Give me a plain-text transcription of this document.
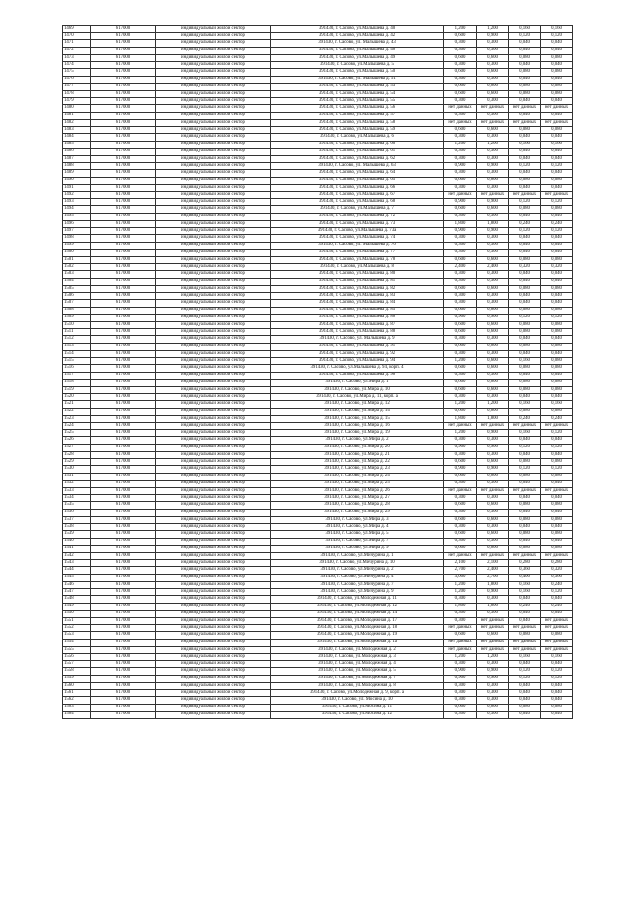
1469	617000	индивидуальный жилой сектор	391430, г. Сасово, ул.Малышева д. 40	1,200	1,200	0,160	0,160
1470	617000	индивидуальный жилой сектор	391430, г. Сасово, ул.Малышева д. 42	0,600	0,900	0,120	0,120
1471	617000	индивидуальный жилой сектор	391430, г. Сасово, ул. Малышева д. 43	0,300	0,300	0,040	0,040
1472	617000	индивидуальный жилой сектор	391430, г. Сасово, ул.Малышева д. 46	0,300	0,300	0,040	0,040
1473	617000	индивидуальный жилой сектор	391430, г. Сасово, ул.Малышева д. 49	0,600	0,600	0,080	0,080
1474	617000	индивидуальный жилой сектор	391430, г. Сасово, ул.Малышева д. 5	0,300	0,300	0,040	0,040
1475	617000	индивидуальный жилой сектор	391430, г. Сасово, ул.Малышева д. 50	0,600	0,600	0,080	0,080
1476	617000	индивидуальный жилой сектор	391430, г. Сасово, ул. Малышева д. 51	0,300	0,300	0,040	0,040
1477	617000	индивидуальный жилой сектор	391430, г. Сасово, ул.Малышева д. 53	0,600	0,600	0,080	0,080
1478	617000	индивидуальный жилой сектор	391430, г. Сасово, ул.Малышева д. 54	0,600	0,600	0,080	0,080
1479	617000	индивидуальный жилой сектор	391430, г. Сасово, ул.Малышева д. 55	0,300	0,300	0,040	0,040
1480	617000	индивидуальный жилой сектор	391430, г. Сасово, ул.Малышева д. 56	нет данных	нет данных	нет данных	нет данных
1481	617000	индивидуальный жилой сектор	391430, г. Сасово, ул.Малышева д. 57	0,300	0,300	0,040	0,040
1482	617000	индивидуальный жилой сектор	391430, г. Сасово, ул.Малышева д. 58	нет данных	нет данных	нет данных	нет данных
1483	617000	индивидуальный жилой сектор	391430, г. Сасово, ул.Малышева д. 59	0,600	0,600	0,080	0,080
1484	617000	индивидуальный жилой сектор	391430, г. Сасово, ул.Малышева д. 6	0,300	0,300	0,040	0,040
1485	617000	индивидуальный жилой сектор	391430, г. Сасово, ул.Малышева д. 60	1,200	1,200	0,160	0,160
1486	617000	индивидуальный жилой сектор	391430, г. Сасово, ул.Малышева д. 61	0,300	0,300	0,040	0,040
1487	617000	индивидуальный жилой сектор	391430, г. Сасово, ул.Малышева д. 62	0,300	0,300	0,040	0,040
1488	617000	индивидуальный жилой сектор	391430, г. Сасово, ул. Малышева д. 63	0,900	0,900	0,120	0,120
1489	617000	индивидуальный жилой сектор	391430, г. Сасово, ул.Малышева д. 64	0,300	0,300	0,040	0,040
1490	617000	индивидуальный жилой сектор	391430, г. Сасово, ул.Малышева д. 65	0,600	0,600	0,080	0,080
1491	617000	индивидуальный жилой сектор	391430, г. Сасово, ул.Малышева д. 66	0,300	0,300	0,040	0,040
1492	617000	индивидуальный жилой сектор	391430, г. Сасово, ул.Малышева д. 67	нет данных	нет данных	нет данных	нет данных
1493	617000	индивидуальный жилой сектор	391430, г. Сасово, ул.Малышева д. 68	0,900	0,900	0,120	0,120
1494	617000	индивидуальный жилой сектор	391430, г. Сасово, ул.Малышева д. 7	0,600	0,600	0,080	0,080
1495	617000	индивидуальный жилой сектор	391430, г. Сасово, ул.Малышева д. 72	0,300	0,300	0,040	0,040
1496	617000	индивидуальный жилой сектор	391430, г. Сасово, ул.Малышева д. 73	1,800	1,800	0,240	0,240
1497	617000	индивидуальный жилой сектор	391430, г. Сасово, ул.Малышева д. 73а	0,900	0,900	0,120	0,120
1498	617000	индивидуальный жилой сектор	391430, г. Сасово, ул.Малышева д. 74	0,300	0,300	0,040	0,040
1499	617000	индивидуальный жилой сектор	391430, г. Сасово, ул. Малышева д. 76	0,300	0,300	0,040	0,040
1500	617000	индивидуальный жилой сектор	391430, г. Сасово, ул.Малышева д. 77	0,300	0,300	0,040	0,040
1501	617000	индивидуальный жилой сектор	391430, г. Сасово, ул.Малышева д. 78	0,600	0,600	0,080	0,080
1502	617000	индивидуальный жилой сектор	391430, г. Сасово, ул.Малышева д. 8	2,400	2,400	0,320	0,320
1503	617000	индивидуальный жилой сектор	391430, г. Сасово, ул.Малышева д. 80	0,300	0,300	0,040	0,040
1504	617000	индивидуальный жилой сектор	391430, г. Сасово, ул.Малышева д. 81	0,300	0,300	0,040	0,040
1505	617000	индивидуальный жилой сектор	391430, г. Сасово, ул.Малышева д. 82	0,600	0,600	0,080	0,080
1506	617000	индивидуальный жилой сектор	391430, г. Сасово, ул.Малышева д. 83	0,300	0,300	0,040	0,040
1507	617000	индивидуальный жилой сектор	391430, г. Сасово, ул.Малышева д. 84	0,300	0,300	0,040	0,040
1508	617000	индивидуальный жилой сектор	391430, г. Сасово, ул.Малышева д. 85	0,600	0,600	0,080	0,080
1509	617000	индивидуальный жилой сектор	391430, г. Сасово, ул.Малышева д. 86	0,900	0,900	0,120	0,120
1510	617000	индивидуальный жилой сектор	391430, г. Сасово, ул.Малышева д. 87	0,600	0,600	0,080	0,080
1511	617000	индивидуальный жилой сектор	391430, г. Сасово, ул.Малышева д. 88	0,600	0,600	0,080	0,080
1512	617000	индивидуальный жилой сектор	391430, г. Сасово, ул. Малышева д. 9	0,300	0,300	0,040	0,040
1513	617000	индивидуальный жилой сектор	391430, г. Сасово, ул.Малышева д. 91	0,600	0,600	0,080	0,080
1514	617000	индивидуальный жилой сектор	391430, г. Сасово, ул.Малышева д. 92	0,300	0,300	0,040	0,040
1515	617000	индивидуальный жилой сектор	391430, г. Сасово, ул.Малышева д. 94	1,200	0,600	0,160	0,080
1516	617000	индивидуальный жилой сектор	391430, г. Сасово, ул.Малышева д. 94, корп. 4	0,600	0,600	0,080	0,080
1517	617000	индивидуальный жилой сектор	391430, г. Сасово, ул.Малышева д. 96	0,300	0,300	0,040	0,040
1518	617000	индивидуальный жилой сектор	391430, г. Сасово, ул.Мира д. 1	0,600	0,600	0,080	0,080
1519	617000	индивидуальный жилой сектор	391430, г. Сасово, ул.Мира д. 10	0,600	0,600	0,080	0,080
1520	617000	индивидуальный жилой сектор	391430, г. Сасово, ул.Мира д. 11, корп. а	0,300	0,300	0,040	0,040
1521	617000	индивидуальный жилой сектор	391430, г. Сасово, ул.Мира д. 12	1,200	1,200	0,160	0,160
1522	617000	индивидуальный жилой сектор	391430, г. Сасово, ул.Мира д. 14	0,600	0,600	0,080	0,080
1523	617000	индивидуальный жилой сектор	391430, г. Сасово, ул.Мира д. 15	1,800	1,800	0,240	0,240
1524	617000	индивидуальный жилой сектор	391430, г. Сасово, ул.Мира д. 16	нет данных	нет данных	нет данных	нет данных
1525	617000	индивидуальный жилой сектор	391430, г. Сасово, ул.Мира д. 19	1,200	0,900	0,160	0,120
1526	617000	индивидуальный жилой сектор	391430, г. Сасово, ул.Мира д. 2	0,300	0,300	0,040	0,040
1527	617000	индивидуальный жилой сектор	391430, г. Сасово, ул.Мира д. 20	0,900	0,900	0,120	0,120
1528	617000	индивидуальный жилой сектор	391430, г. Сасово, ул.Мира д. 21	0,300	0,300	0,040	0,040
1529	617000	индивидуальный жилой сектор	391430, г. Сасово, ул.Мира д. 22	0,600	0,600	0,080	0,080
1530	617000	индивидуальный жилой сектор	391430, г. Сасово, ул.Мира д. 23	0,900	0,900	0,120	0,120
1531	617000	индивидуальный жилой сектор	391430, г. Сасово, ул.Мира д. 24	0,600	0,600	0,080	0,080
1532	617000	индивидуальный жилой сектор	391430, г. Сасово, ул.Мира д. 25	0,300	0,300	0,040	0,040
1533	617000	индивидуальный жилой сектор	391430, г. Сасово, ул.Мира д. 26	нет данных	нет данных	нет данных	нет данных
1534	617000	индивидуальный жилой сектор	391430, г. Сасово, ул.Мира д. 27	0,300	0,300	0,040	0,040
1535	617000	индивидуальный жилой сектор	391430, г. Сасово, ул.Мира д. 28	0,600	0,600	0,080	0,080
1536	617000	индивидуальный жилой сектор	391430, г. Сасово, ул.Мира д. 29	0,300	0,300	0,040	0,040
1537	617000	индивидуальный жилой сектор	391430, г. Сасово, ул.Мира д. 3	0,600	0,600	0,080	0,080
1538	617000	индивидуальный жилой сектор	391430, г. Сасово, ул.Мира д. 4	0,300	0,300	0,040	0,040
1539	617000	индивидуальный жилой сектор	391430, г. Сасово, ул.Мира д. 5	0,600	0,600	0,080	0,080
1540	617000	индивидуальный жилой сектор	391430, г. Сасово, ул.Мира д. 7	0,300	0,300	0,040	0,040
1541	617000	индивидуальный жилой сектор	391430, г. Сасово, ул.Мира д. 9	0,600	0,600	0,080	0,080
1542	617000	индивидуальный жилой сектор	391430, г. Сасово, ул.Мичурина д. 1	нет данных	нет данных	нет данных	нет данных
1543	617000	индивидуальный жилой сектор	391430, г. Сасово, ул.Мичурина д. 10	2,100	2,100	0,280	0,280
1544	617000	индивидуальный жилой сектор	391430, г. Сасово, ул.Мичурина д. 2	2,700	2,400	0,360	0,320
1545	617000	индивидуальный жилой сектор	391430, г. Сасово, ул.Мичурина д. 4	3,000	2,700	0,400	0,360
1546	617000	индивидуальный жилой сектор	391430, г. Сасово, ул.Мичурина д. 7	1,200	1,800	0,160	0,240
1547	617000	индивидуальный жилой сектор	391430, г. Сасово, ул.Мичурина д. 9	1,200	0,900	0,160	0,120
1548	617000	индивидуальный жилой сектор	391430, г. Сасово, ул.Молодежная д. 11	0,300	0,300	0,040	0,040
1549	617000	индивидуальный жилой сектор	391430, г. Сасово, ул.Молодежная д. 12	1,800	1,800	0,240	0,240
1550	617000	индивидуальный жилой сектор	391430, г. Сасово, ул.Молодежная д. 14	0,300	0,300	0,040	0,040
1551	617000	индивидуальный жилой сектор	391430, г. Сасово, ул.Молодежная д. 17	0,300	нет данных	0,040	нет данных
1552	617000	индивидуальный жилой сектор	391430, г. Сасово, ул.Молодежная д. 18	нет данных	нет данных	нет данных	нет данных
1553	617000	индивидуальный жилой сектор	391430, г. Сасово, ул.Молодежная д. 19	0,600	0,600	0,080	0,080
1554	617000	индивидуальный жилой сектор	391430, г. Сасово, ул.Молодежная д. 1а	нет данных	нет данных	нет данных	нет данных
1555	617000	индивидуальный жилой сектор	391430, г. Сасово, ул.Молодежная д. 2	нет данных	нет данных	нет данных	нет данных
1556	617000	индивидуальный жилой сектор	391430, г. Сасово, ул.Молодежная д. 3	1,200	1,200	0,160	0,160
1557	617000	индивидуальный жилой сектор	391430, г. Сасово, ул.Молодежная д. 4	0,300	0,300	0,040	0,040
1558	617000	индивидуальный жилой сектор	391430, г. Сасово, ул.Молодежная д. 5	0,900	0,900	0,120	0,120
1559	617000	индивидуальный жилой сектор	391430, г. Сасово, ул.Молодежная д. 7	0,900	0,900	0,120	0,120
1560	617000	индивидуальный жилой сектор	391430, г. Сасово, ул.Молодежная д. 8	0,300	0,300	0,040	0,040
1561	617000	индивидуальный жилой сектор	391430, г. Сасово, ул.Молодежная д. 9, корп. а	0,300	0,300	0,040	0,040
1562	617000	индивидуальный жилой сектор	391430, г. Сасово, ул. Мосина д. 10	0,300	0,300	0,040	0,040
1563	617000	индивидуальный жилой сектор	391430, г. Сасово, ул.Мосина д. 11	0,600	0,600	0,080	0,080
1564	617000	индивидуальный жилой сектор	391430, г. Сасово, ул.Мосина д. 12	0,300	0,300	0,040	0,040
